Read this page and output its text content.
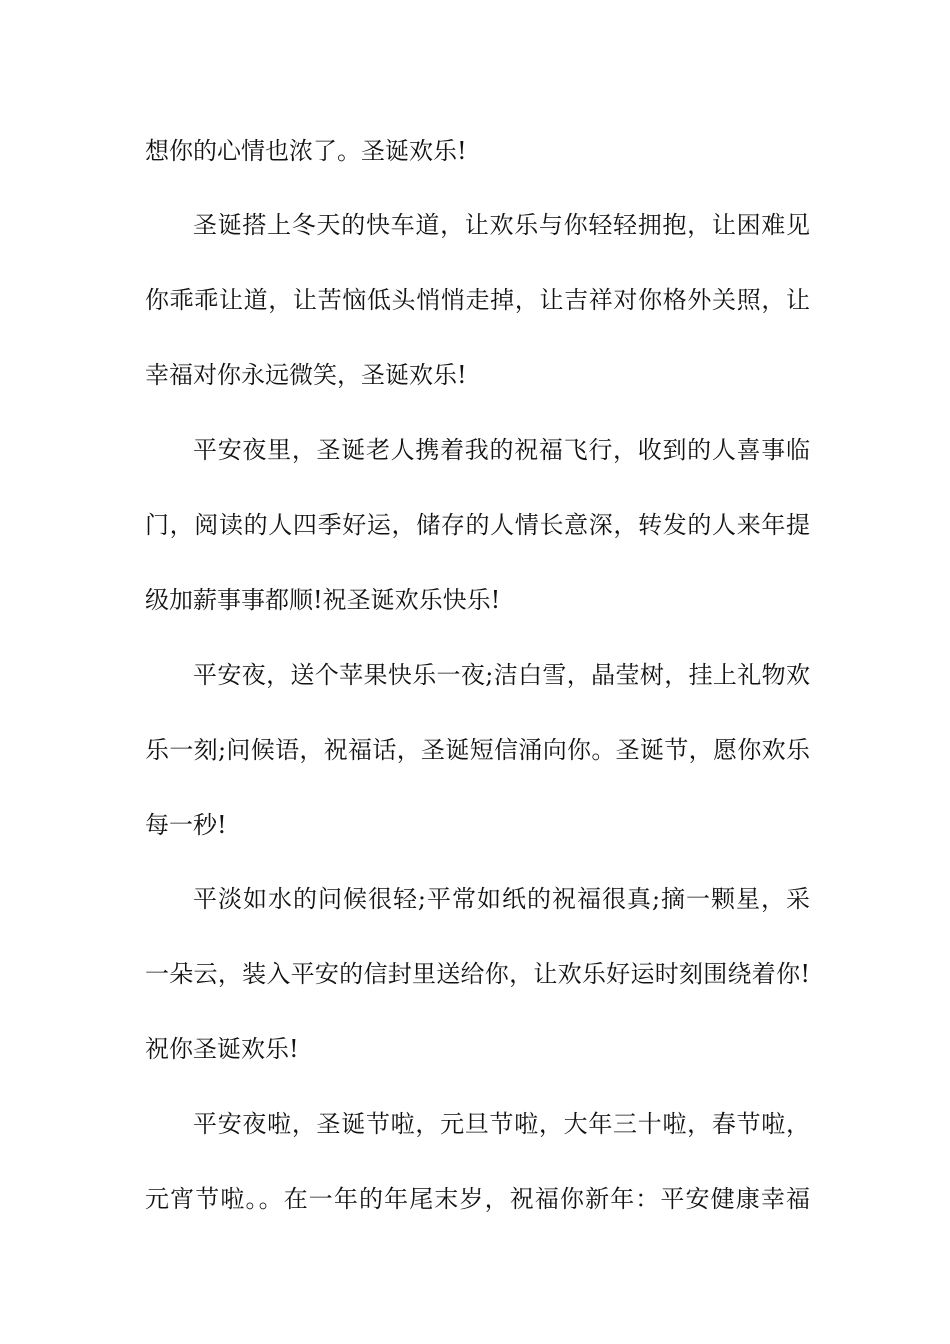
想你的心情也浓了。圣诞欢乐!
圣诞搭上冬天的快车道，让欢乐与你轻轻拥抱，让困难见
你乖乖让道，让苦恼低头悄悄走掉，让吉祥对你格外关照，让
幸福对你永远微笑，圣诞欢乐!
平安夜里，圣诞老人携着我的祝福飞行，收到的人喜事临
门，阅读的人四季好运，储存的人情长意深，转发的人来年提
级加薪事事都顺!祝圣诞欢乐快乐!
平安夜，送个苹果快乐一夜;洁白雪，晶莹树，挂上礼物欢
乐一刻;问候语，祝福话，圣诞短信涌向你。圣诞节，愿你欢乐
每一秒!
平淡如水的问候很轻;平常如纸的祝福很真;摘一颗星，采
一朵云，装入平安的信封里送给你，让欢乐好运时刻围绕着你!
祝你圣诞欢乐!
平安夜啦，圣诞节啦，元旦节啦，大年三十啦，春节啦，
元宵节啦。。在一年的年尾末岁，祝福你新年：平安健康幸福
